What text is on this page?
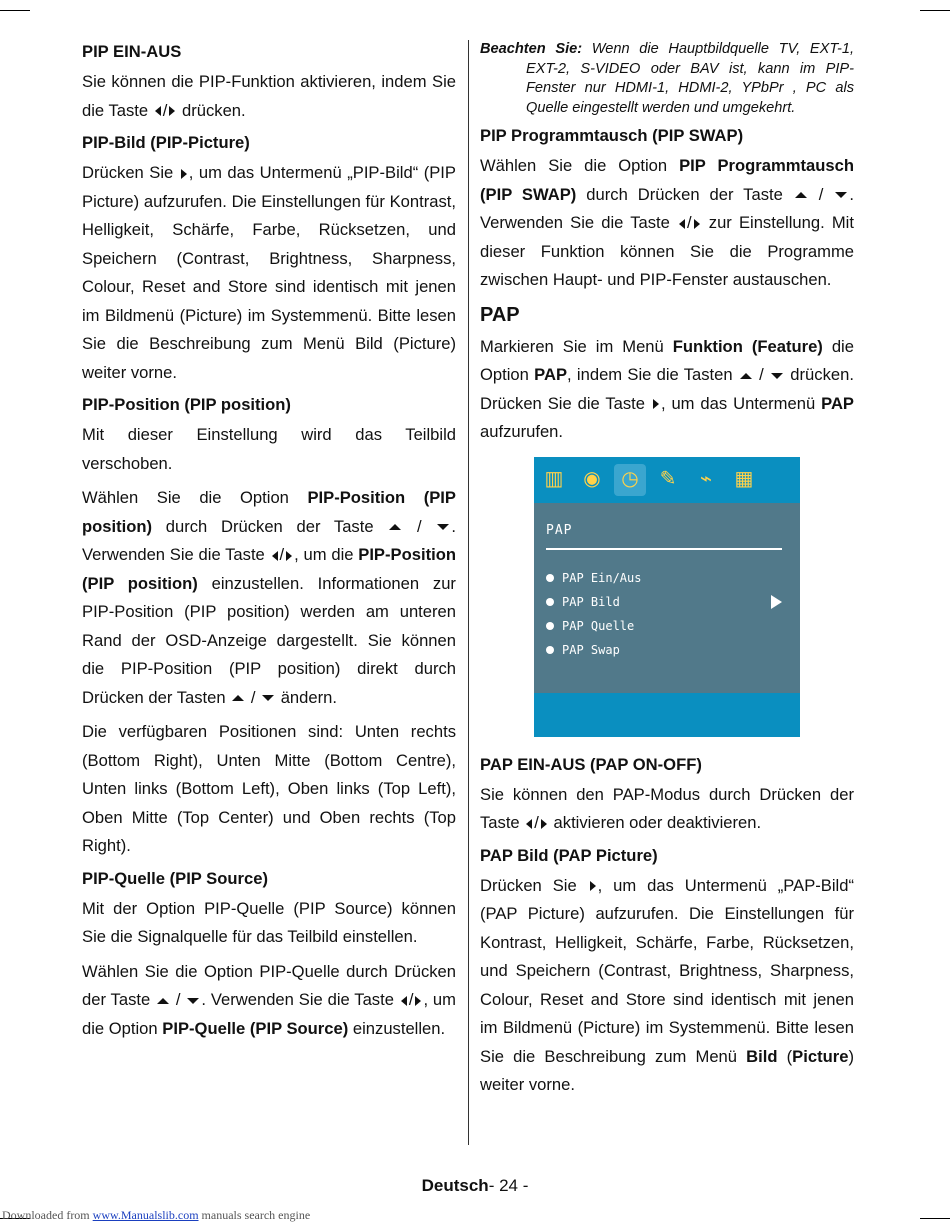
PIP EIN-AUS

Sie können die PIP-Funktion aktivieren, indem Sie die Taste / drücken.

PIP-Bild (PIP-Picture)

Drücken Sie , um das Untermenü „PIP-Bild“ (PIP Picture) aufzurufen. Die Einstellungen für Kontrast, Helligkeit, Schärfe, Farbe, Rücksetzen, und Speichern (Contrast, Brightness, Sharpness, Colour, Reset and Store sind identisch mit jenen im Bildmenü (Picture) im Systemmenü. Bitte lesen Sie die Beschreibung zum Menü Bild (Picture) weiter vorne.

PIP-Position (PIP position)

Mit dieser Einstellung wird das Teilbild verschoben.

Wählen Sie die Option PIP-Position (PIP position) durch Drücken der Taste  / . Verwenden Sie die Taste / , um die PIP-Position (PIP position) einzustellen. Informationen zur PIP-Position (PIP position) werden am unteren Rand der OSD-Anzeige dargestellt. Sie können die PIP-Position (PIP position) direkt durch Drücken der Tasten  /  ändern.

Die verfügbaren Positionen sind: Unten rechts (Bottom Right), Unten Mitte (Bottom Centre), Unten links (Bottom Left), Oben links (Top Left), Oben Mitte (Top Center) und Oben rechts (Top Right).

PIP-Quelle (PIP Source)

Mit der Option PIP-Quelle (PIP Source) können Sie die Signalquelle für das Teilbild einstellen.

Wählen Sie die Option PIP-Quelle durch Drücken der Taste  / . Verwenden Sie die Taste / , um die Option PIP-Quelle (PIP Source) einzustellen.

Beachten Sie: Wenn die Hauptbildquelle TV, EXT-1, EXT-2, S-VIDEO oder BAV ist, kann im PIP-Fenster nur HDMI-1, HDMI-2, YPbPr , PC als Quelle eingestellt werden und umgekehrt.
PIP Programmtausch (PIP SWAP)

Wählen Sie die Option PIP Programmtausch (PIP SWAP) durch Drücken der Taste  / . Verwenden Sie die Taste / zur Einstellung. Mit dieser Funktion können Sie die Programme zwischen Haupt- und PIP-Fenster austauschen.

PAP

Markieren Sie im Menü Funktion (Feature) die Option PAP, indem Sie die Tasten  /  drücken. Drücken Sie die Taste , um das Untermenü PAP aufzurufen.

▥ ◉	◷	✎	⌁	▦
PAP
PAP Ein/Aus
PAP Bild
PAP Quelle
PAP Swap
PAP EIN-AUS (PAP ON-OFF)

Sie können den PAP-Modus durch Drücken der Taste / aktivieren oder deaktivieren.

PAP Bild (PAP Picture)

Drücken Sie , um das Untermenü „PAP-Bild“ (PAP Picture) aufzurufen. Die Einstellungen für Kontrast, Helligkeit, Schärfe, Farbe, Rücksetzen, und Speichern (Contrast, Brightness, Sharpness, Colour, Reset and Store sind identisch mit jenen im Bildmenü (Picture) im Systemmenü. Bitte lesen Sie die Beschreibung zum Menü Bild (Picture) weiter vorne.

Deutsch- 24 -
Downloaded from www.Manualslib.com manuals search engine
